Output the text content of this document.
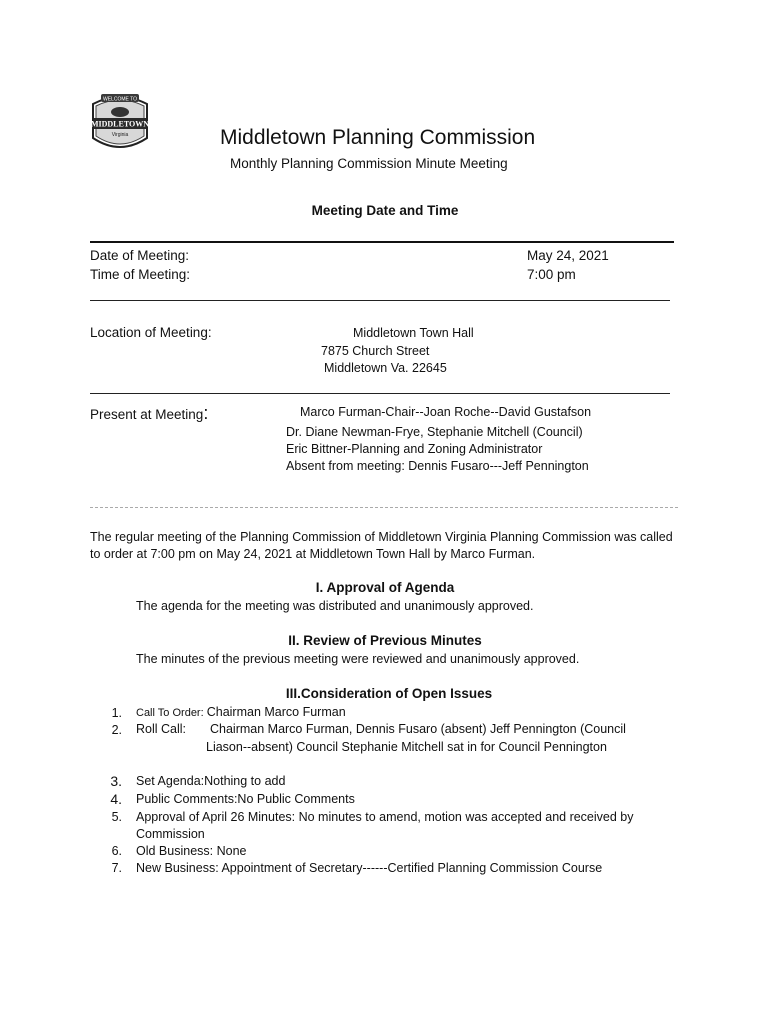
WELCOME TO
MIDDLETOWN
Virginia	Middletown Planning Commission
Monthly Planning Commission Minute Meeting
Meeting Date and Time
Date of Meeting:	May 24, 2021
Time of Meeting:	7:00 pm
Location of Meeting:	Middletown Town Hall
7875 Church Street
Middletown Va. 22645
Present at Meeting:	Marco Furman-Chair--Joan Roche--David Gustafson
Dr. Diane Newman-Frye, Stephanie Mitchell (Council)
Eric Bittner-Planning and Zoning Administrator
Absent from meeting: Dennis Fusaro---Jeff Pennington
The regular meeting of the Planning Commission of Middletown Virginia Planning Commission was called to order at 7:00 pm on May 24, 2021 at Middletown Town Hall by Marco Furman.
I. Approval of Agenda
The agenda for the meeting was distributed and unanimously approved.
II. Review of Previous Minutes
The minutes of the previous meeting were reviewed and unanimously approved.
III.Consideration of Open Issues
1. Call To Order: Chairman Marco Furman
2. Roll Call: Chairman Marco Furman, Dennis Fusaro (absent) Jeff Pennington (Council
Liason--absent) Council Stephanie Mitchell sat in for Council Pennington
3. Set Agenda:Nothing to add
4. Public Comments:No Public Comments
5. Approval of April 26 Minutes: No minutes to amend, motion was accepted and received by
Commission
6. Old Business: None
7. New Business: Appointment of Secretary------Certified Planning Commission Course
